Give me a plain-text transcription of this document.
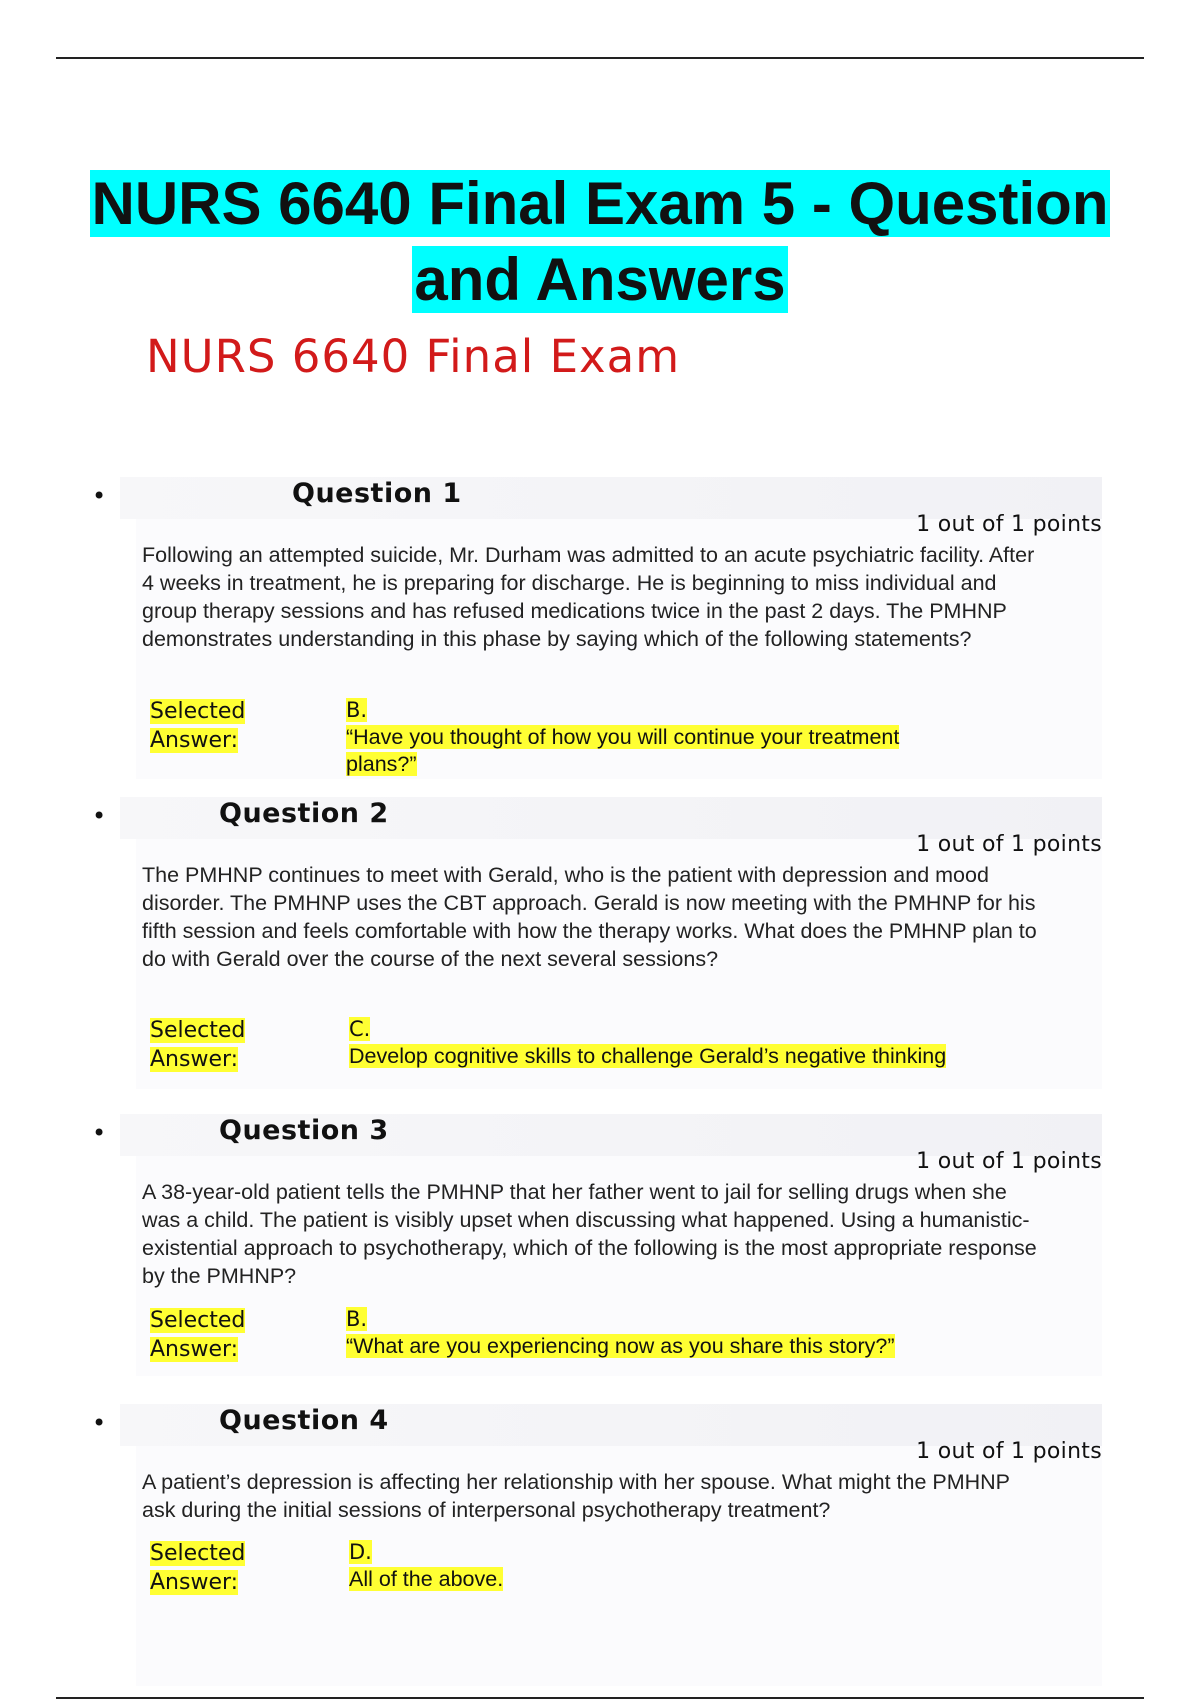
NURS 6640 Final Exam 5 - Question
and Answers
NURS 6640 Final Exam
•	Question 1
1 out of 1 points
Following an attempted suicide, Mr. Durham was admitted to an acute psychiatric facility. After 4 weeks in treatment, he is preparing for discharge. He is beginning to miss individual and group therapy sessions and has refused medications twice in the past 2 days. The PMHNP demonstrates understanding in this phase by saying which of the following statements?
Selected
Answer:
B.
“Have you thought of how you will continue your treatment
plans?”
•	Question 2
1 out of 1 points
The PMHNP continues to meet with Gerald, who is the patient with depression and mood disorder. The PMHNP uses the CBT approach. Gerald is now meeting with the PMHNP for his fifth session and feels comfortable with how the therapy works. What does the PMHNP plan to do with Gerald over the course of the next several sessions?
Selected
Answer:
C.
Develop cognitive skills to challenge Gerald’s negative thinking
•	Question 3
1 out of 1 points
A 38-year-old patient tells the PMHNP that her father went to jail for selling drugs when she was a child. The patient is visibly upset when discussing what happened. Using a humanistic-existential approach to psychotherapy, which of the following is the most appropriate response by the PMHNP?
Selected
Answer:
B.
“What are you experiencing now as you share this story?”
•	Question 4
1 out of 1 points
A patient’s depression is affecting her relationship with her spouse. What might the PMHNP ask during the initial sessions of interpersonal psychotherapy treatment?
Selected
Answer:
D.
All of the above.
